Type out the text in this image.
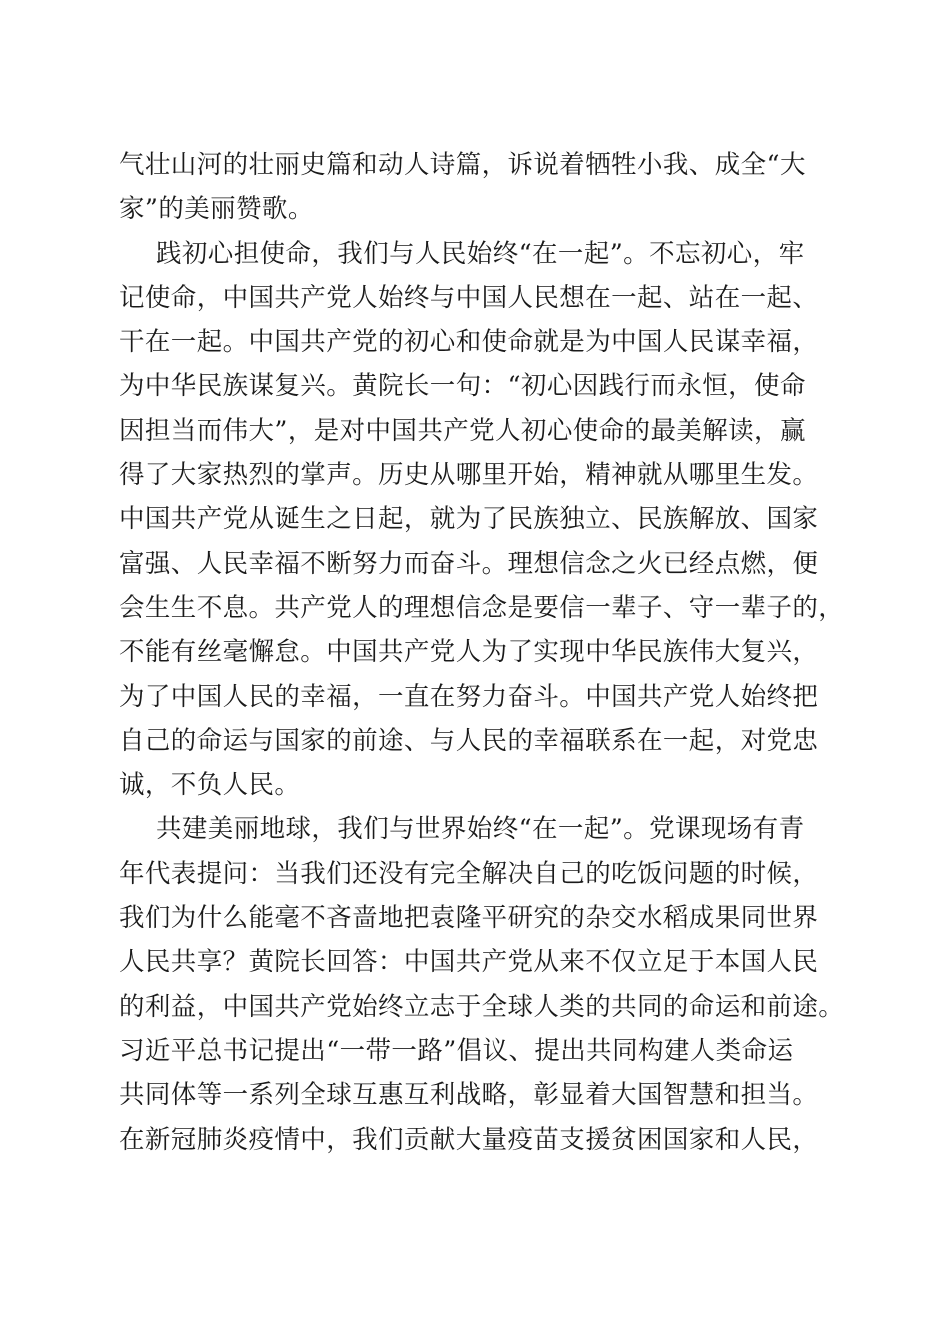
气壮山河的壮丽史篇和动人诗篇，诉说着牺牲小我、成全“大
家”的美丽赞歌。
践初心担使命，我们与人民始终“在一起”。不忘初心，牢
记使命，中国共产党人始终与中国人民想在一起、站在一起、
干在一起。中国共产党的初心和使命就是为中国人民谋幸福，
为中华民族谋复兴。黄院长一句：“初心因践行而永恒，使命
因担当而伟大”，是对中国共产党人初心使命的最美解读，赢
得了大家热烈的掌声。历史从哪里开始，精神就从哪里生发。
中国共产党从诞生之日起，就为了民族独立、民族解放、国家
富强、人民幸福不断努力而奋斗。理想信念之火已经点燃，便
会生生不息。共产党人的理想信念是要信一辈子、守一辈子的，
不能有丝毫懈怠。中国共产党人为了实现中华民族伟大复兴，
为了中国人民的幸福，一直在努力奋斗。中国共产党人始终把
自己的命运与国家的前途、与人民的幸福联系在一起，对党忠
诚，不负人民。
共建美丽地球，我们与世界始终“在一起”。党课现场有青
年代表提问：当我们还没有完全解决自己的吃饭问题的时候，
我们为什么能毫不吝啬地把袁隆平研究的杂交水稻成果同世界
人民共享？黄院长回答：中国共产党从来不仅立足于本国人民
的利益，中国共产党始终立志于全球人类的共同的命运和前途。
习近平总书记提出“一带一路”倡议、提出共同构建人类命运
共同体等一系列全球互惠互利战略，彰显着大国智慧和担当。
在新冠肺炎疫情中，我们贡献大量疫苗支援贫困国家和人民，
